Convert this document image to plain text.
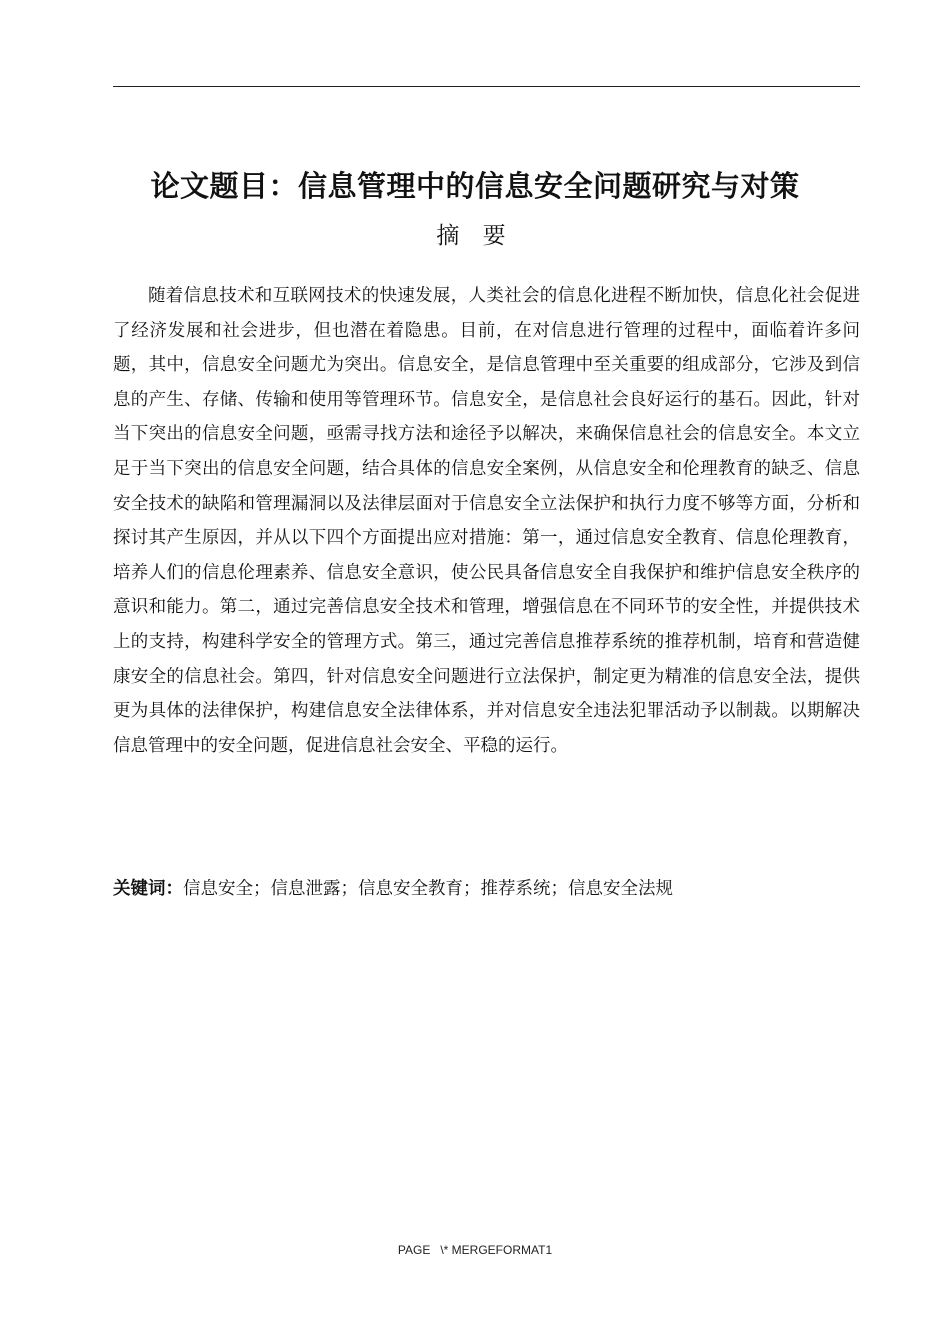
论文题目：信息管理中的信息安全问题研究与对策
摘 要

随着信息技术和互联网技术的快速发展，人类社会的信息化进程不断加快，信息化社会促进了经济发展和社会进步，但也潜在着隐患。目前，在对信息进行管理的过程中，面临着许多问题，其中，信息安全问题尤为突出。信息安全，是信息管理中至关重要的组成部分，它涉及到信息的产生、存储、传输和使用等管理环节。信息安全，是信息社会良好运行的基石。因此，针对当下突出的信息安全问题，亟需寻找方法和途径予以解决，来确保信息社会的信息安全。本文立足于当下突出的信息安全问题，结合具体的信息安全案例，从信息安全和伦理教育的缺乏、信息安全技术的缺陷和管理漏洞以及法律层面对于信息安全立法保护和执行力度不够等方面，分析和探讨其产生原因，并从以下四个方面提出应对措施：第一，通过信息安全教育、信息伦理教育，培养人们的信息伦理素养、信息安全意识，使公民具备信息安全自我保护和维护信息安全秩序的意识和能力。第二，通过完善信息安全技术和管理，增强信息在不同环节的安全性，并提供技术上的支持，构建科学安全的管理方式。第三，通过完善信息推荐系统的推荐机制，培育和营造健康安全的信息社会。第四，针对信息安全问题进行立法保护，制定更为精准的信息安全法，提供更为具体的法律保护，构建信息安全法律体系，并对信息安全违法犯罪活动予以制裁。以期解决信息管理中的安全问题，促进信息社会安全、平稳的运行。

关键词：信息安全；信息泄露；信息安全教育；推荐系统；信息安全法规
PAGE   \* MERGEFORMAT1
